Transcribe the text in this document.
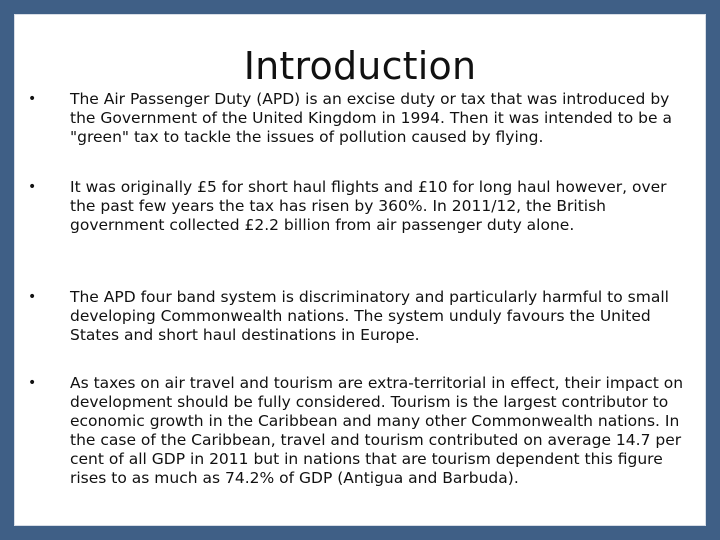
Introduction
•	The Air Passenger Duty (APD) is an excise duty or tax that was introduced by the Government of the United Kingdom in 1994. Then it was intended to be a "green" tax to tackle the issues of pollution caused by flying.
•	It was originally £5 for short haul flights and £10 for long haul however, over the past few years the tax has risen by 360%. In 2011/12, the British government collected £2.2 billion from air passenger duty alone.
•	The APD four band system is discriminatory and particularly harmful to small developing Commonwealth nations. The system unduly favours the United States and short haul destinations in Europe.
•	As taxes on air travel and tourism are extra-territorial in effect, their impact on development should be fully considered. Tourism is the largest contributor to economic growth in the Caribbean and many other Commonwealth nations. In the case of the Caribbean, travel and tourism contributed on average 14.7 per cent of all GDP in 2011 but in nations that are tourism dependent this figure rises to as much as 74.2% of GDP (Antigua and Barbuda).
